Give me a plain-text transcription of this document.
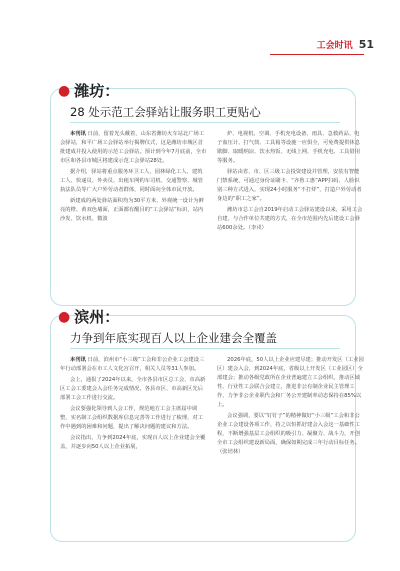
工会时讯 51
● 潍坊：
28 处示范工会驿站让服务职工更贴心

本刊讯 日前，留着光头戴着，山东省潍坊火车站北广场工会驿站，和平广场工会驿站举行揭牌仪式，这是潍坊市城区首批建成并投入使用的示范工会驿站。预计到今年7月底前，全市市区和各县市城区将建成示范工会驿站28处。

据介绍，驿站将重点服务环卫工人、园林绿化工人、建筑工人、快递员、外卖员、出租车网约车司机、交通警察、城管执法队员等广大户外劳动者群体，同时面向全体市民开放。

新建成的两处驿站面积均为30平方米，外观统一设计为鲜亮的橙、黄双色墙面，正面都有醒目的“工会驿站”标识，站内沙发、饮水机、微波

炉、电视机、空调、手机充电设备、雨具、急救药品、电子血压计、打气筒、工具箱等设施一应俱全，可免费提供休息歇脚、取暖纳凉、饮水热饭、无线上网、手机充电、工具借用等服务。

驿站由省、市、区三级工会投资建设并管理，安装有智能门禁系统，可通过身份证刷卡、“齐鲁工惠”APP扫码、人脸识别三种方式进入，实现24小时服务“不打烊”，打造户外劳动者身边的“职工之家”。

潍坊市总工会自2019年启动工会驿站建设以来，采用工会自建、与合作单位共建的方式，在全市范围内先后建设工会驿站600余处。（李戎）

● 滨州：
力争到年底实现百人以上企业建会全覆盖

本刊讯 日前，滨州市“小三级”工会和非公企业工会建设三年行动部署会在市工人文化宫召开，相关人员等31人参加。

会上，通报了2024年以来，全市各县市区总工会、市高新区工会工委建会入会任务完成情况，各县市区、市高新区先后部署工会工作进行交流。

会议要强化领导到人会工作，规范地方工会主席届中调整，实名制工会组织数据库信息完善等工作进行了梳理，对工作中遇到的困难和问题，提出了解决问题的建议和方法。

会议指出，力争到2024年底，实现百人以上企业建会全覆盖，并逐步向50人以上企业拓展，

2026年底，50人以上企业应建尽建；推动开发区（工业园区）建会入会，到2024年底，省级以上开发区（工业园区）全部建会；推动各级党政所在企业普遍建立工会组织，推动区域性、行业性工会联合会建立，推进非公有制企业民主管理工作，力争非公企业职代会和厂务公开建制率动态保持在85%以上。

会议强调，要以“钉钉子”的精神做好“小三级”工会和非公企业工会建设各项工作，持之以恒抓好建会入会这一基础性工程，不断增强基层工会组织的吸引力、凝聚力、战斗力，开创全市工会组织建设新局面，确保如期完成三年行动目标任务。（张培林）
